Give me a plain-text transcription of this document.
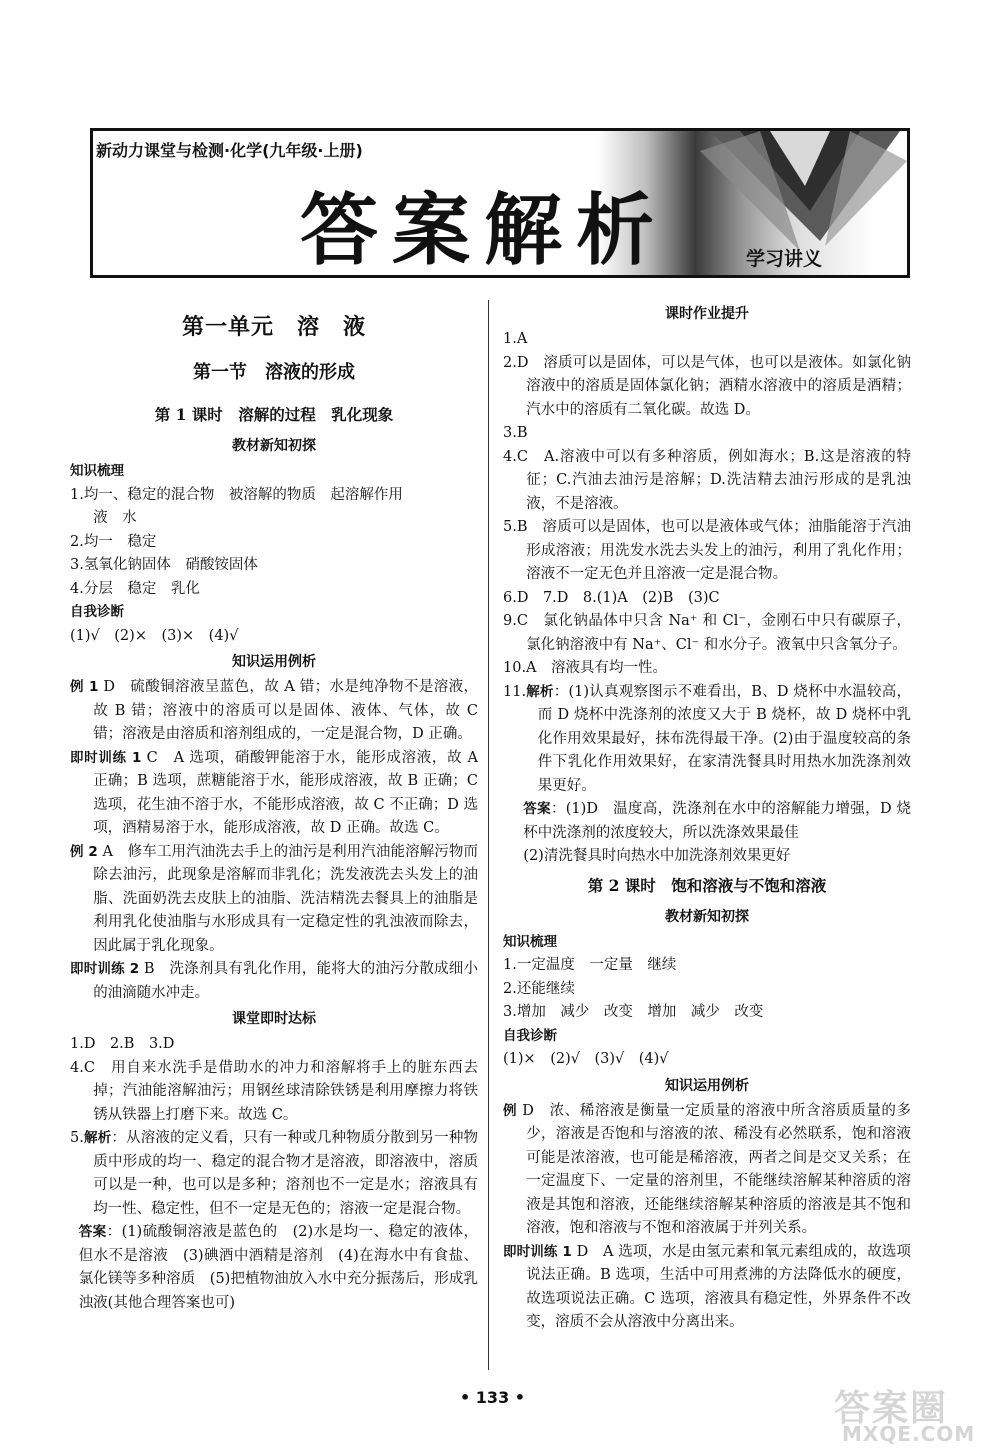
新动力课堂与检测·化学(九年级·上册)
答案解析	学习讲义

第一单元　溶　液

第一节　溶液的形成

第 1 课时　溶解的过程　乳化现象

教材新知初探

知识梳理

1.均一、稳定的混合物　被溶解的物质　起溶解作用

液　水

2.均一　稳定

3.氢氧化钠固体　硝酸铵固体

4.分层　稳定　乳化

自我诊断

(1)√　(2)×　(3)×　(4)√

知识运用例析

例 1 D　硫酸铜溶液呈蓝色，故 A 错；水是纯净物不是溶液，故 B 错；溶液中的溶质可以是固体、液体、气体，故 C 错；溶液是由溶质和溶剂组成的，一定是混合物，D 正确。

即时训练 1 C　A 选项，硝酸钾能溶于水，能形成溶液，故 A 正确；B 选项，蔗糖能溶于水，能形成溶液，故 B 正确；C 选项，花生油不溶于水，不能形成溶液，故 C 不正确；D 选项，酒精易溶于水，能形成溶液，故 D 正确。故选 C。

例 2 A　修车工用汽油洗去手上的油污是利用汽油能溶解污物而除去油污，此现象是溶解而非乳化；洗发液洗去头发上的油脂、洗面奶洗去皮肤上的油脂、洗洁精洗去餐具上的油脂是利用乳化使油脂与水形成具有一定稳定性的乳浊液而除去，因此属于乳化现象。

即时训练 2 B　洗涤剂具有乳化作用，能将大的油污分散成细小的油滴随水冲走。

课堂即时达标

1.D　2.B　3.D

4.C　用自来水洗手是借助水的冲力和溶解将手上的脏东西去掉；汽油能溶解油污；用钢丝球清除铁锈是利用摩擦力将铁锈从铁器上打磨下来。故选 C。

5.解析：从溶液的定义看，只有一种或几种物质分散到另一种物质中形成的均一、稳定的混合物才是溶液，即溶液中，溶质可以是一种，也可以是多种；溶剂也不一定是水；溶液具有均一性、稳定性，但不一定是无色的；溶液一定是混合物。

答案：(1)硫酸铜溶液是蓝色的　(2)水是均一、稳定的液体，但水不是溶液　(3)碘酒中酒精是溶剂　(4)在海水中有食盐、氯化镁等多种溶质　(5)把植物油放入水中充分振荡后，形成乳浊液(其他合理答案也可)

课时作业提升

1.A

2.D　溶质可以是固体，可以是气体，也可以是液体。如氯化钠溶液中的溶质是固体氯化钠；酒精水溶液中的溶质是酒精；汽水中的溶质有二氧化碳。故选 D。

3.B

4.C　A.溶液中可以有多种溶质，例如海水；B.这是溶液的特征；C.汽油去油污是溶解；D.洗洁精去油污形成的是乳浊液，不是溶液。

5.B　溶质可以是固体，也可以是液体或气体；油脂能溶于汽油形成溶液；用洗发水洗去头发上的油污，利用了乳化作用；溶液不一定无色并且溶液一定是混合物。

6.D　7.D　8.(1)A　(2)B　(3)C

9.C　氯化钠晶体中只含 Na⁺ 和 Cl⁻，金刚石中只有碳原子，氯化钠溶液中有 Na⁺、Cl⁻ 和水分子。液氧中只含氧分子。

10.A　溶液具有均一性。

11.解析：(1)认真观察图示不难看出，B、D 烧杯中水温较高，而 D 烧杯中洗涤剂的浓度又大于 B 烧杯，故 D 烧杯中乳化作用效果最好，抹布洗得最干净。(2)由于温度较高的条件下乳化作用效果好，在家清洗餐具时用热水加洗涤剂效果更好。

答案：(1)D　温度高，洗涤剂在水中的溶解能力增强，D 烧杯中洗涤剂的浓度较大，所以洗涤效果最佳

(2)清洗餐具时向热水中加洗涤剂效果更好

第 2 课时　饱和溶液与不饱和溶液

教材新知初探

知识梳理

1.一定温度　一定量　继续

2.还能继续

3.增加　减少　改变　增加　减少　改变

自我诊断

(1)×　(2)√　(3)√　(4)√

知识运用例析

例 D　浓、稀溶液是衡量一定质量的溶液中所含溶质质量的多少，溶液是否饱和与溶液的浓、稀没有必然联系，饱和溶液可能是浓溶液，也可能是稀溶液，两者之间是交叉关系；在一定温度下、一定量的溶剂里，不能继续溶解某种溶质的溶液是其饱和溶液，还能继续溶解某种溶质的溶液是其不饱和溶液，饱和溶液与不饱和溶液属于并列关系。

即时训练 1 D　A 选项，水是由氢元素和氧元素组成的，故选项说法正确。B 选项，生活中可用煮沸的方法降低水的硬度，故选项说法正确。C 选项，溶液具有稳定性，外界条件不改变，溶质不会从溶液中分离出来。

• 133 •	答案圈
MXQE.COM
